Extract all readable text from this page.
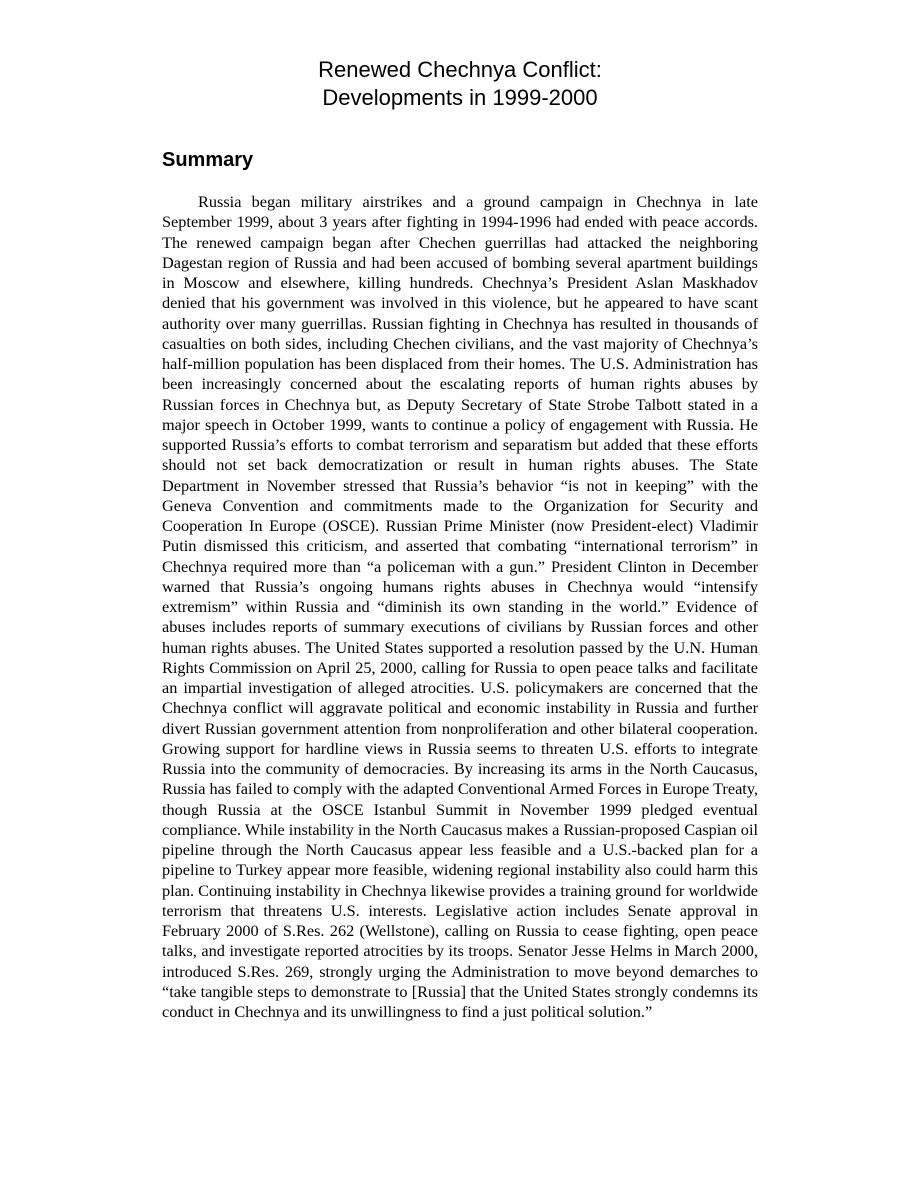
Renewed Chechnya Conflict:
Developments in 1999-2000
Summary

Russia began military airstrikes and a ground campaign in Chechnya in late September 1999, about 3 years after fighting in 1994-1996 had ended with peace accords. The renewed campaign began after Chechen guerrillas had attacked the neighboring Dagestan region of Russia and had been accused of bombing several apartment buildings in Moscow and elsewhere, killing hundreds. Chechnya’s President Aslan Maskhadov denied that his government was involved in this violence, but he appeared to have scant authority over many guerrillas. Russian fighting in Chechnya has resulted in thousands of casualties on both sides, including Chechen civilians, and the vast majority of Chechnya’s half-million population has been displaced from their homes. The U.S. Administration has been increasingly concerned about the escalating reports of human rights abuses by Russian forces in Chechnya but, as Deputy Secretary of State Strobe Talbott stated in a major speech in October 1999, wants to continue a policy of engagement with Russia. He supported Russia’s efforts to combat terrorism and separatism but added that these efforts should not set back democratization or result in human rights abuses. The State Department in November stressed that Russia’s behavior “is not in keeping” with the Geneva Convention and commitments made to the Organization for Security and Cooperation In Europe (OSCE). Russian Prime Minister (now President-elect) Vladimir Putin dismissed this criticism, and asserted that combating “international terrorism” in Chechnya required more than “a policeman with a gun.” President Clinton in December warned that Russia’s ongoing humans rights abuses in Chechnya would “intensify extremism” within Russia and “diminish its own standing in the world.” Evidence of abuses includes reports of summary executions of civilians by Russian forces and other human rights abuses. The United States supported a resolution passed by the U.N. Human Rights Commission on April 25, 2000, calling for Russia to open peace talks and facilitate an impartial investigation of alleged atrocities. U.S. policymakers are concerned that the Chechnya conflict will aggravate political and economic instability in Russia and further divert Russian government attention from nonproliferation and other bilateral cooperation. Growing support for hardline views in Russia seems to threaten U.S. efforts to integrate Russia into the community of democracies. By increasing its arms in the North Caucasus, Russia has failed to comply with the adapted Conventional Armed Forces in Europe Treaty, though Russia at the OSCE Istanbul Summit in November 1999 pledged eventual compliance. While instability in the North Caucasus makes a Russian-proposed Caspian oil pipeline through the North Caucasus appear less feasible and a U.S.-backed plan for a pipeline to Turkey appear more feasible, widening regional instability also could harm this plan. Continuing instability in Chechnya likewise provides a training ground for worldwide terrorism that threatens U.S. interests. Legislative action includes Senate approval in February 2000 of S.Res. 262 (Wellstone), calling on Russia to cease fighting, open peace talks, and investigate reported atrocities by its troops. Senator Jesse Helms in March 2000, introduced S.Res. 269, strongly urging the Administration to move beyond demarches to “take tangible steps to demonstrate to [Russia] that the United States strongly condemns its conduct in Chechnya and its unwillingness to find a just political solution.”
